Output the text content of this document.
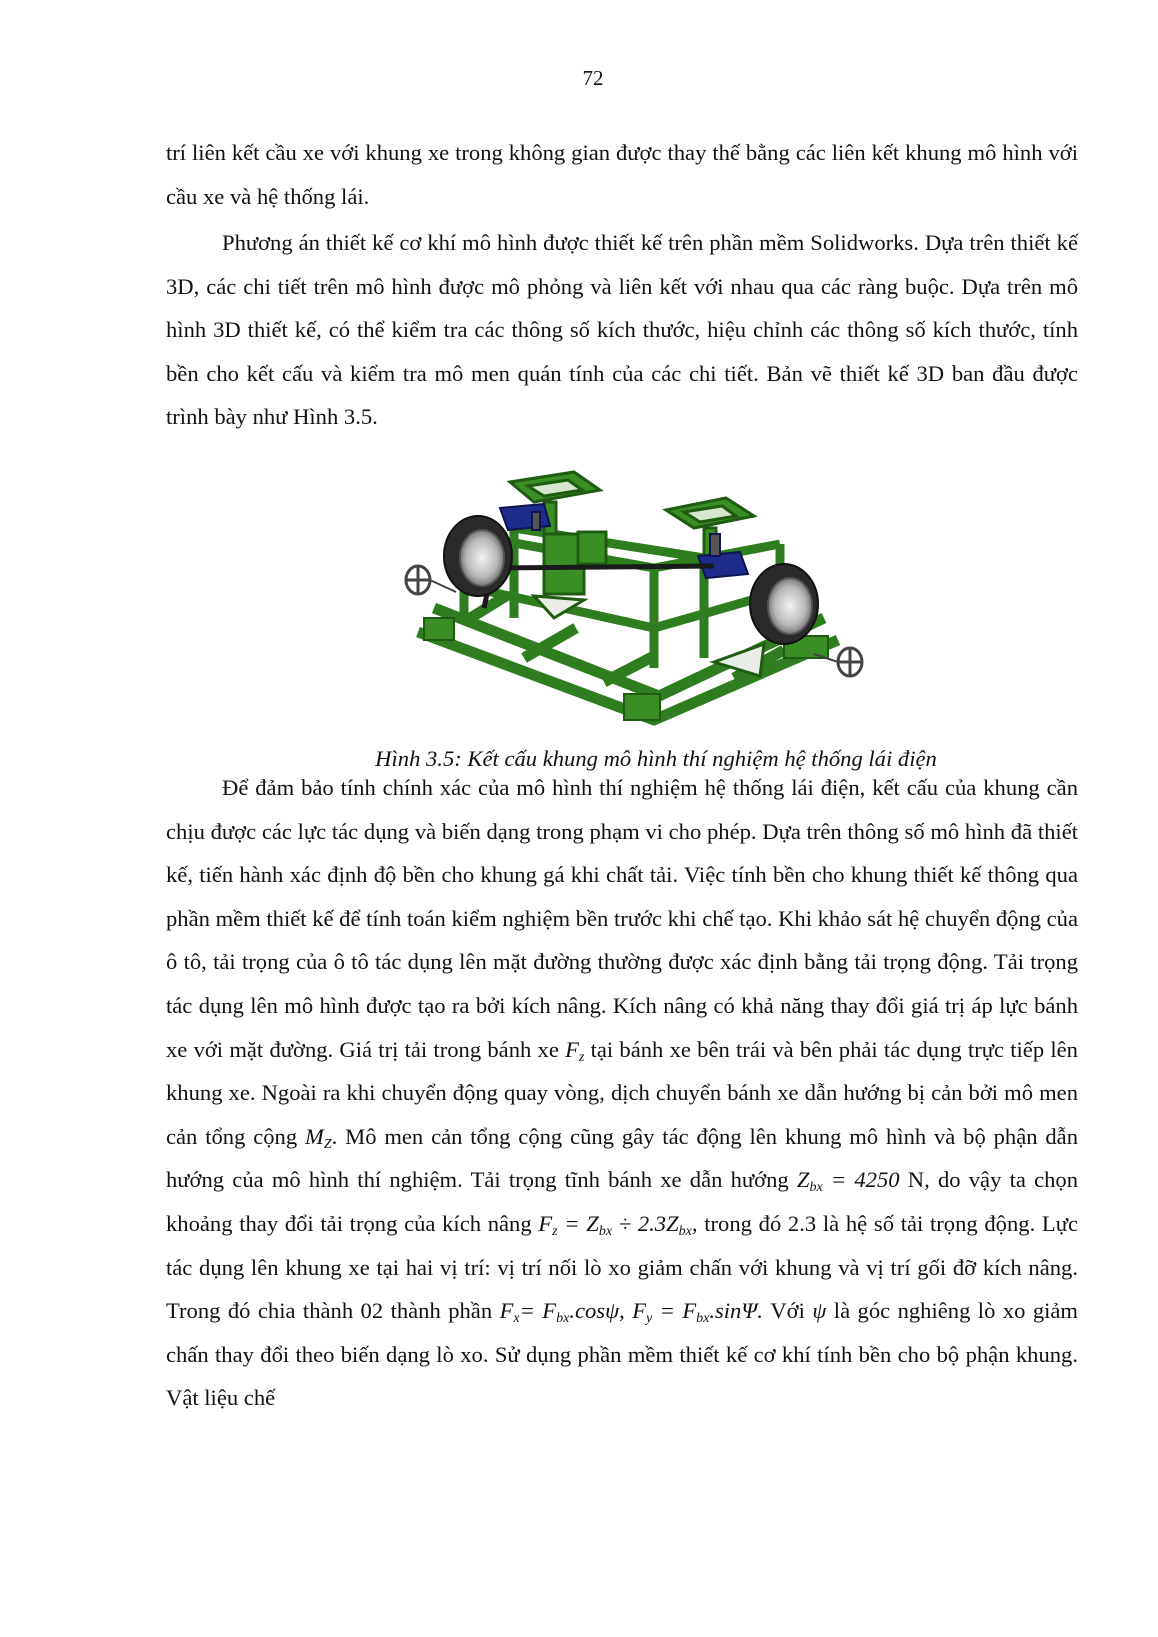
72

trí liên kết cầu xe với khung xe trong không gian được thay thế bằng các liên kết khung mô hình với cầu xe và hệ thống lái.

Phương án thiết kế cơ khí mô hình được thiết kế trên phần mềm Solidworks. Dựa trên thiết kế 3D, các chi tiết trên mô hình được mô phỏng và liên kết với nhau qua các ràng buộc. Dựa trên mô hình 3D thiết kế, có thể kiểm tra các thông số kích thước, hiệu chỉnh các thông số kích thước, tính bền cho kết cấu và kiểm tra mô men quán tính của các chi tiết. Bản vẽ thiết kế 3D ban đầu được trình bày như Hình 3.5.

Hình 3.5: Kết cấu khung mô hình thí nghiệm hệ thống lái điện

Để đảm bảo tính chính xác của mô hình thí nghiệm hệ thống lái điện, kết cấu của khung cần chịu được các lực tác dụng và biến dạng trong phạm vi cho phép. Dựa trên thông số mô hình đã thiết kế, tiến hành xác định độ bền cho khung gá khi chất tải. Việc tính bền cho khung thiết kế thông qua phần mềm thiết kế để tính toán kiểm nghiệm bền trước khi chế tạo. Khi khảo sát hệ chuyển động của ô tô, tải trọng của ô tô tác dụng lên mặt đường thường được xác định bằng tải trọng động. Tải trọng tác dụng lên mô hình được tạo ra bởi kích nâng. Kích nâng có khả năng thay đổi giá trị áp lực bánh xe với mặt đường. Giá trị tải trong bánh xe $F_z$ tại bánh xe bên trái và bên phải tác dụng trực tiếp lên khung xe. Ngoài ra khi chuyển động quay vòng, dịch chuyển bánh xe dẫn hướng bị cản bởi mô men cản tổng cộng $M_Z$. Mô men cản tổng cộng cũng gây tác động lên khung mô hình và bộ phận dẫn hướng của mô hình thí nghiệm. Tải trọng tĩnh bánh xe dẫn hướng $Z_{bx} = 4250$ N, do vậy ta chọn khoảng thay đổi tải trọng của kích nâng $F_z = Z_{bx} \div 2.3Z_{bx}$, trong đó 2.3 là hệ số tải trọng động. Lực tác dụng lên khung xe tại hai vị trí: vị trí nối lò xo giảm chấn với khung và vị trí gối đỡ kích nâng. Trong đó chia thành 02 thành phần $F_x= F_{bx}.\cos\psi$, $F_y = F_{bx}.\sin\Psi$. Với ψ là góc nghiêng lò xo giảm chấn thay đổi theo biến dạng lò xo. Sử dụng phần mềm thiết kế cơ khí tính bền cho bộ phận khung. Vật liệu chế
